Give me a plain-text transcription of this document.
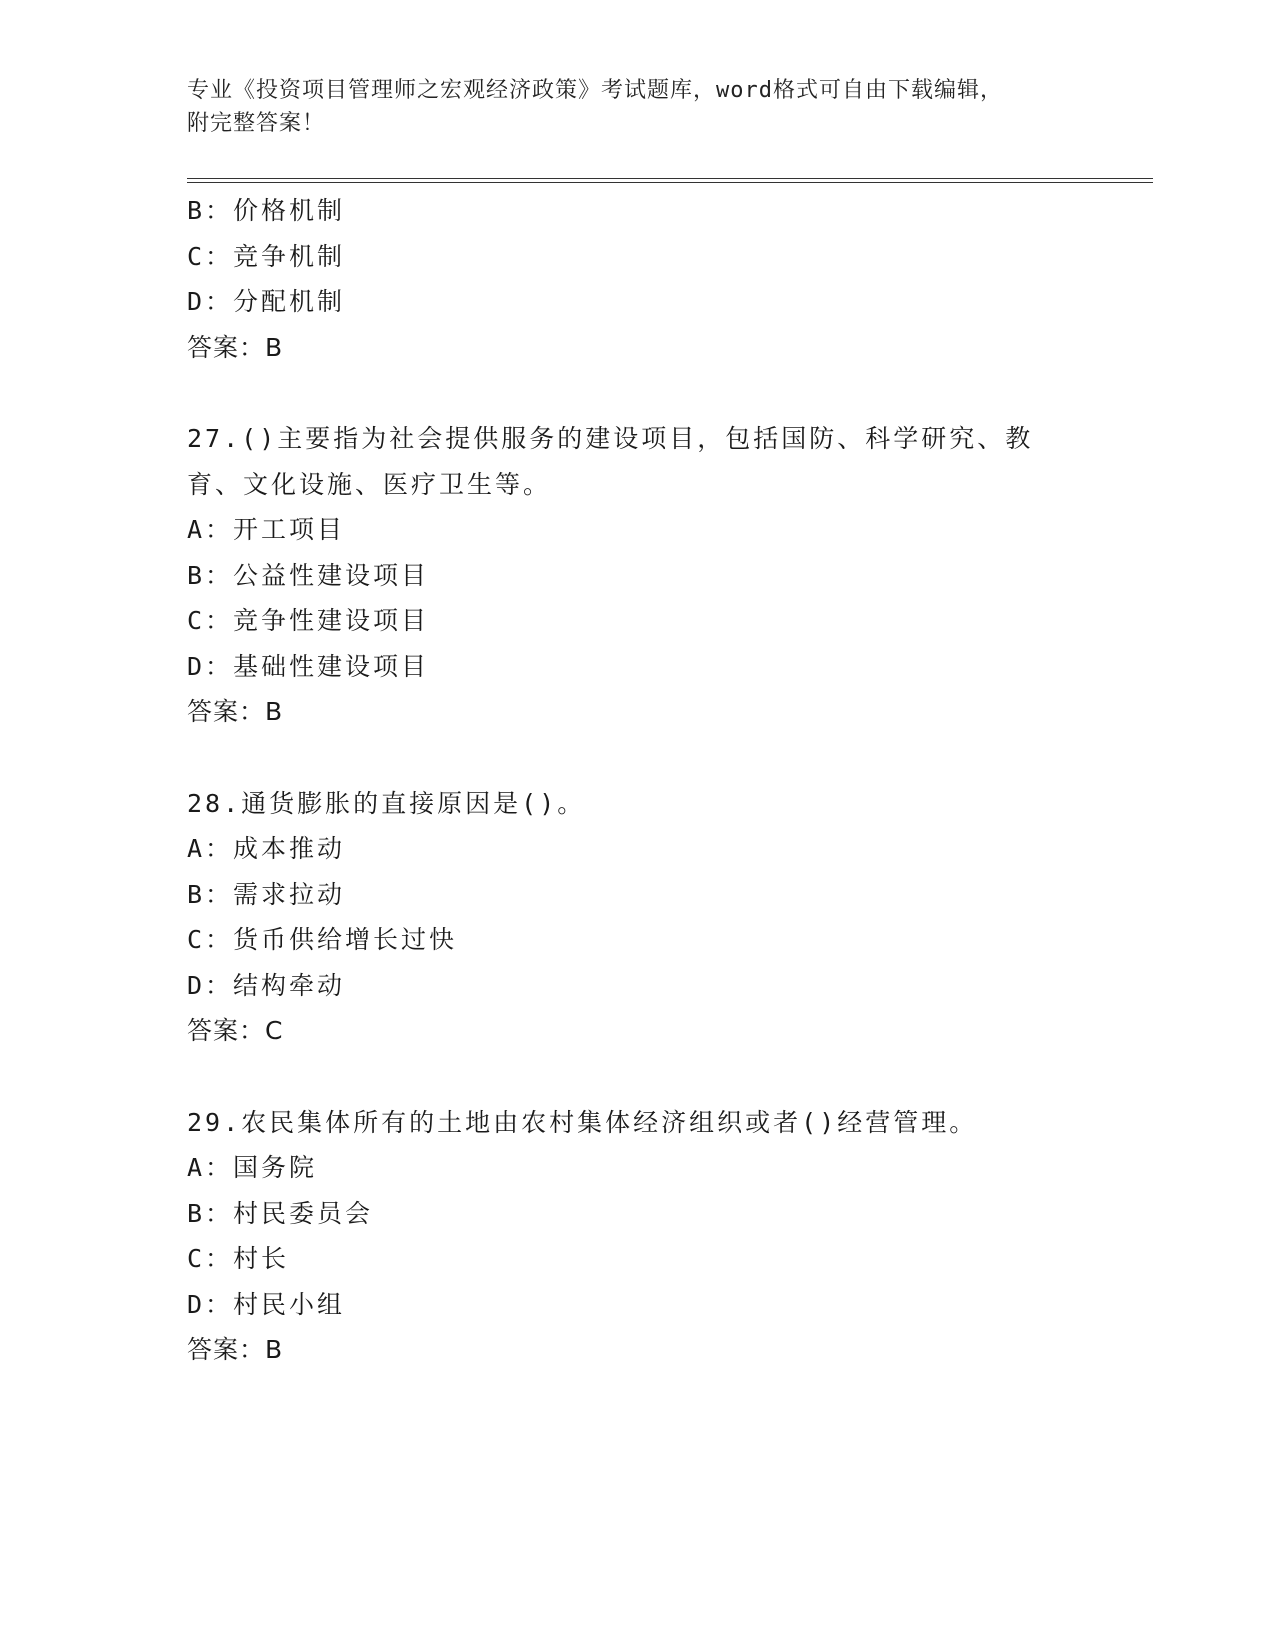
专业《投资项目管理师之宏观经济政策》考试题库，word格式可自由下载编辑，
附完整答案！
B：价格机制
C：竞争机制
D：分配机制
答案：B
27.()主要指为社会提供服务的建设项目，包括国防、科学研究、教育、文化设施、医疗卫生等。
A：开工项目
B：公益性建设项目
C：竞争性建设项目
D：基础性建设项目
答案：B
28.通货膨胀的直接原因是()。
A：成本推动
B：需求拉动
C：货币供给增长过快
D：结构牵动
答案：C
29.农民集体所有的土地由农村集体经济组织或者()经营管理。
A：国务院
B：村民委员会
C：村长
D：村民小组
答案：B
